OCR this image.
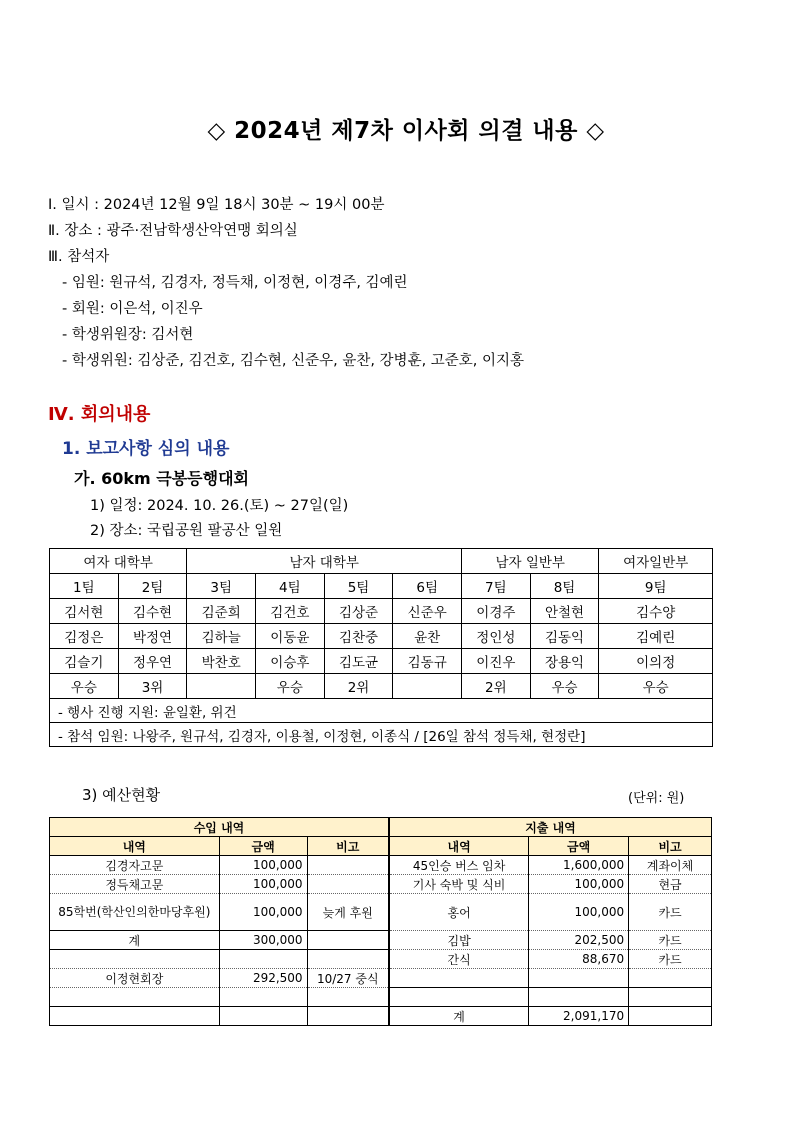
◇ 2024년 제7차 이사회 의결 내용 ◇
Ⅰ. 일시 : 2024년 12월 9일 18시 30분 ~ 19시 00분
Ⅱ. 장소 : 광주·전남학생산악연맹 회의실
Ⅲ. 참석자
- 임원: 원규석, 김경자, 정득채, 이정현, 이경주, 김예린
- 회원: 이은석, 이진우
- 학생위원장: 김서현
- 학생위원: 김상준, 김건호, 김수현, 신준우, 윤찬, 강병훈, 고준호, 이지홍
Ⅳ. 회의내용
1. 보고사항 심의 내용
가. 60km 극봉등행대회
1) 일정: 2024. 10. 26.(토) ~ 27일(일)
2) 장소: 국립공원 팔공산 일원
여자 대학부		남자 대학부				남자 일반부		여자일반부
1팀	2팀	3팀	4팀	5팀	6팀	7팀	8팀	9팀
김서현	김수현	김준희	김건호	김상준	신준우	이경주	안철현	김수양
김정은	박정연	김하늘	이동윤	김찬중	윤찬	정인성	김동익	김예린
김슬기	정우연	박찬호	이승후	김도균	김동규	이진우	장용익	이의정
우승	3위		우승	2위		2위	우승	우승
- 행사 진행 지원: 윤일환, 위건								
- 참석 임원: 나왕주, 원규석, 김경자, 이용철, 이정현, 이종식 / [26일 참석 정득채, 현정란]								
3) 예산현황	(단위: 원)
수입 내역			지출 내역		
내역	금액	비고	내역	금액	비고
김경자고문	100,000		45인승 버스 임차	1,600,000	계좌이체
정득채고문	100,000		기사 숙박 및 식비	100,000	현금
85학번(학산인의한마당후원)	100,000	늦게 후원	홍어	100,000	카드
계	300,000		김밥	202,500	카드
			간식	88,670	카드
이정현회장	292,500	10/27 중식			

			계	2,091,170	
